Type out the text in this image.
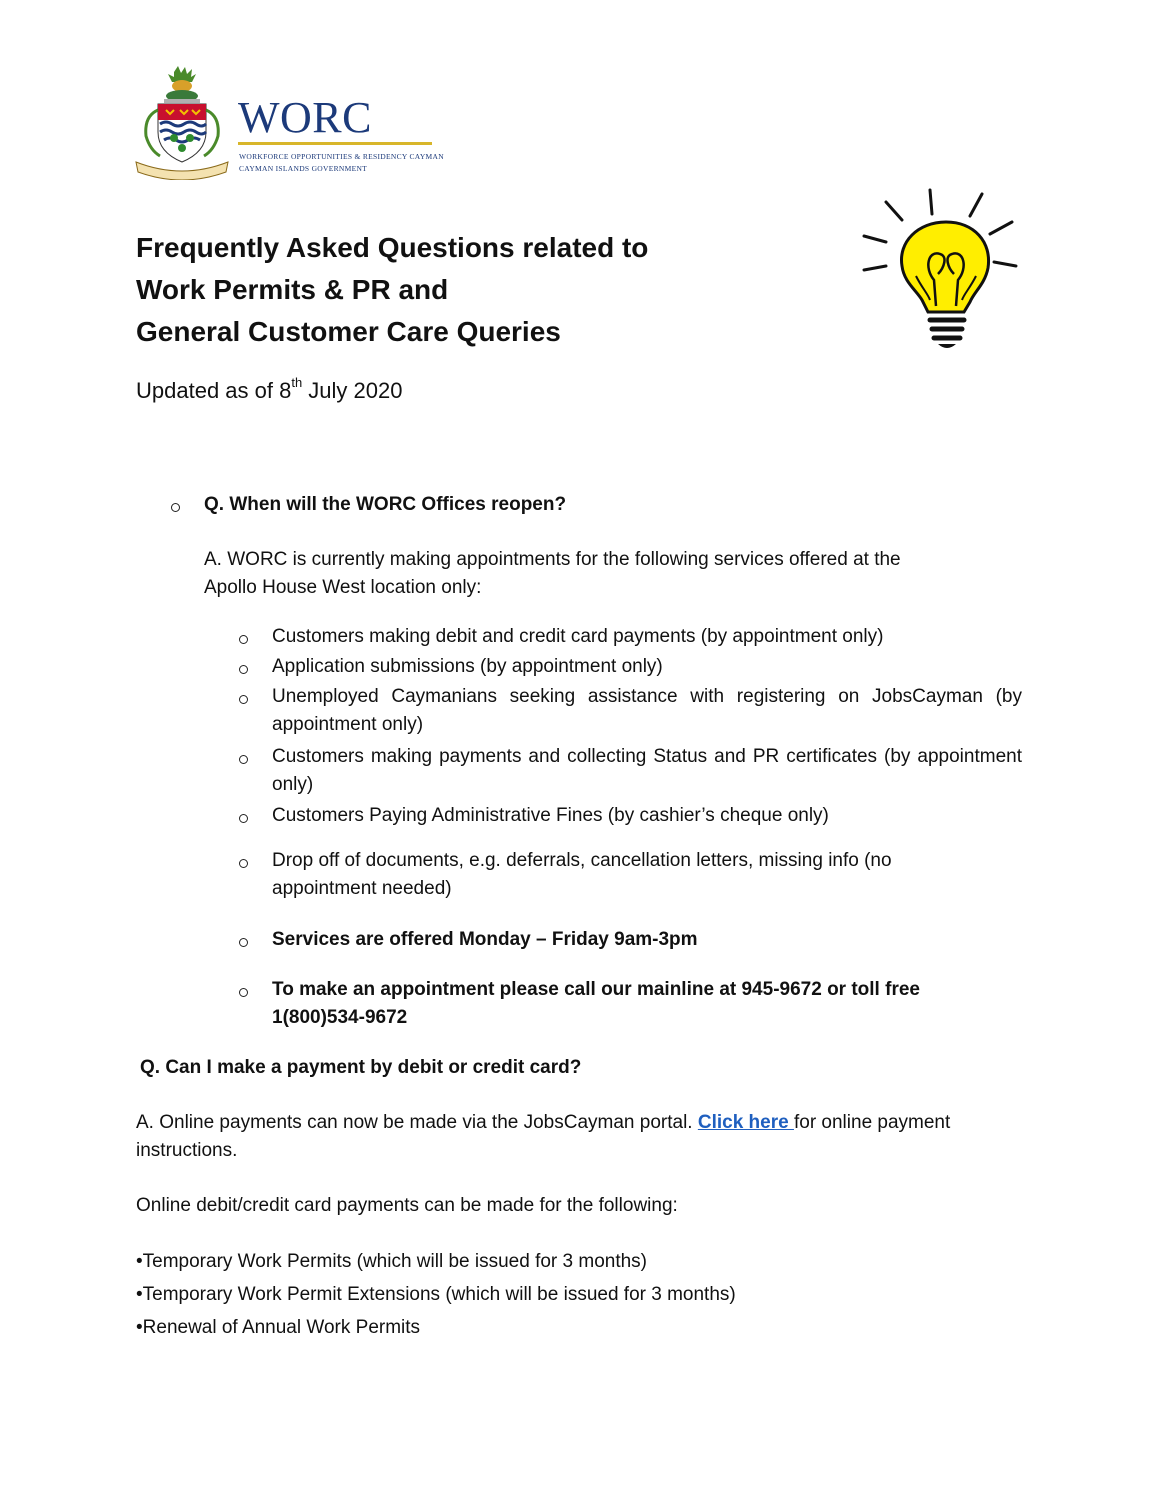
WORC
WORKFORCE OPPORTUNITIES & RESIDENCY CAYMAN
CAYMAN ISLANDS GOVERNMENT
Frequently Asked Questions related to
Work Permits & PR and
General Customer Care Queries
Updated as of 8th July 2020
Q. When will the WORC Offices reopen?
A. WORC is currently making appointments for the following services offered at the
Apollo House West location only:
Customers making debit and credit card payments (by appointment only)
Application submissions (by appointment only)
Unemployed Caymanians seeking assistance with registering on JobsCayman (by appointment only)
Customers making payments and collecting Status and PR certificates (by appointment only)
Customers Paying Administrative Fines (by cashier’s cheque only)
Drop off of documents, e.g. deferrals, cancellation letters, missing info (no appointment needed)
Services are offered Monday – Friday 9am-3pm
To make an appointment please call our mainline at 945-9672 or toll free 1(800)534-9672
Q. Can I make a payment by debit or credit card?
A. Online payments can now be made via the JobsCayman portal. Click here for online payment instructions.
Online debit/credit card payments can be made for the following:
•Temporary Work Permits (which will be issued for 3 months)
•Temporary Work Permit Extensions (which will be issued for 3 months)
•Renewal of Annual Work Permits
